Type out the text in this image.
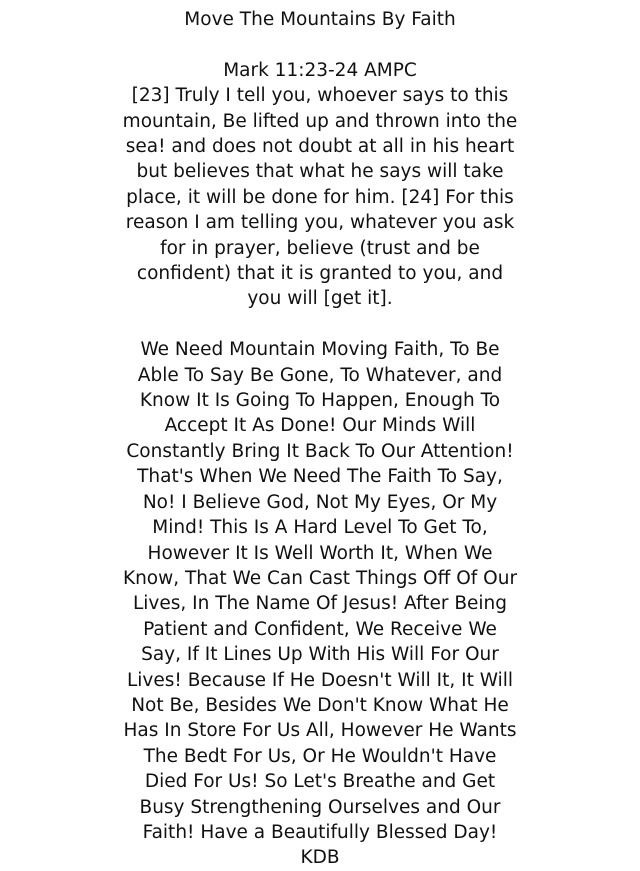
Move The Mountains By Faith
Mark 11:23-24 AMPC
[23] Truly I tell you, whoever says to this mountain, Be lifted up and thrown into the sea! and does not doubt at all in his heart but believes that what he says will take place, it will be done for him. [24] For this reason I am telling you, whatever you ask for in prayer, believe (trust and be confident) that it is granted to you, and you will [get it].
We Need Mountain Moving Faith, To Be Able To Say Be Gone, To Whatever, and Know It Is Going To Happen, Enough To Accept It As Done! Our Minds Will Constantly Bring It Back To Our Attention! That's When We Need The Faith To Say, No! I Believe God, Not My Eyes, Or My Mind! This Is A Hard Level To Get To, However It Is Well Worth It, When We Know, That We Can Cast Things Off Of Our Lives, In The Name Of Jesus! After Being Patient and Confident, We Receive We Say, If It Lines Up With His Will For Our Lives! Because If He Doesn't Will It, It Will Not Be, Besides We Don't Know What He Has In Store For Us All, However He Wants The Bedt For Us, Or He Wouldn't Have Died For Us! So Let's Breathe and Get Busy Strengthening Ourselves and Our Faith! Have a Beautifully Blessed Day! KDB
